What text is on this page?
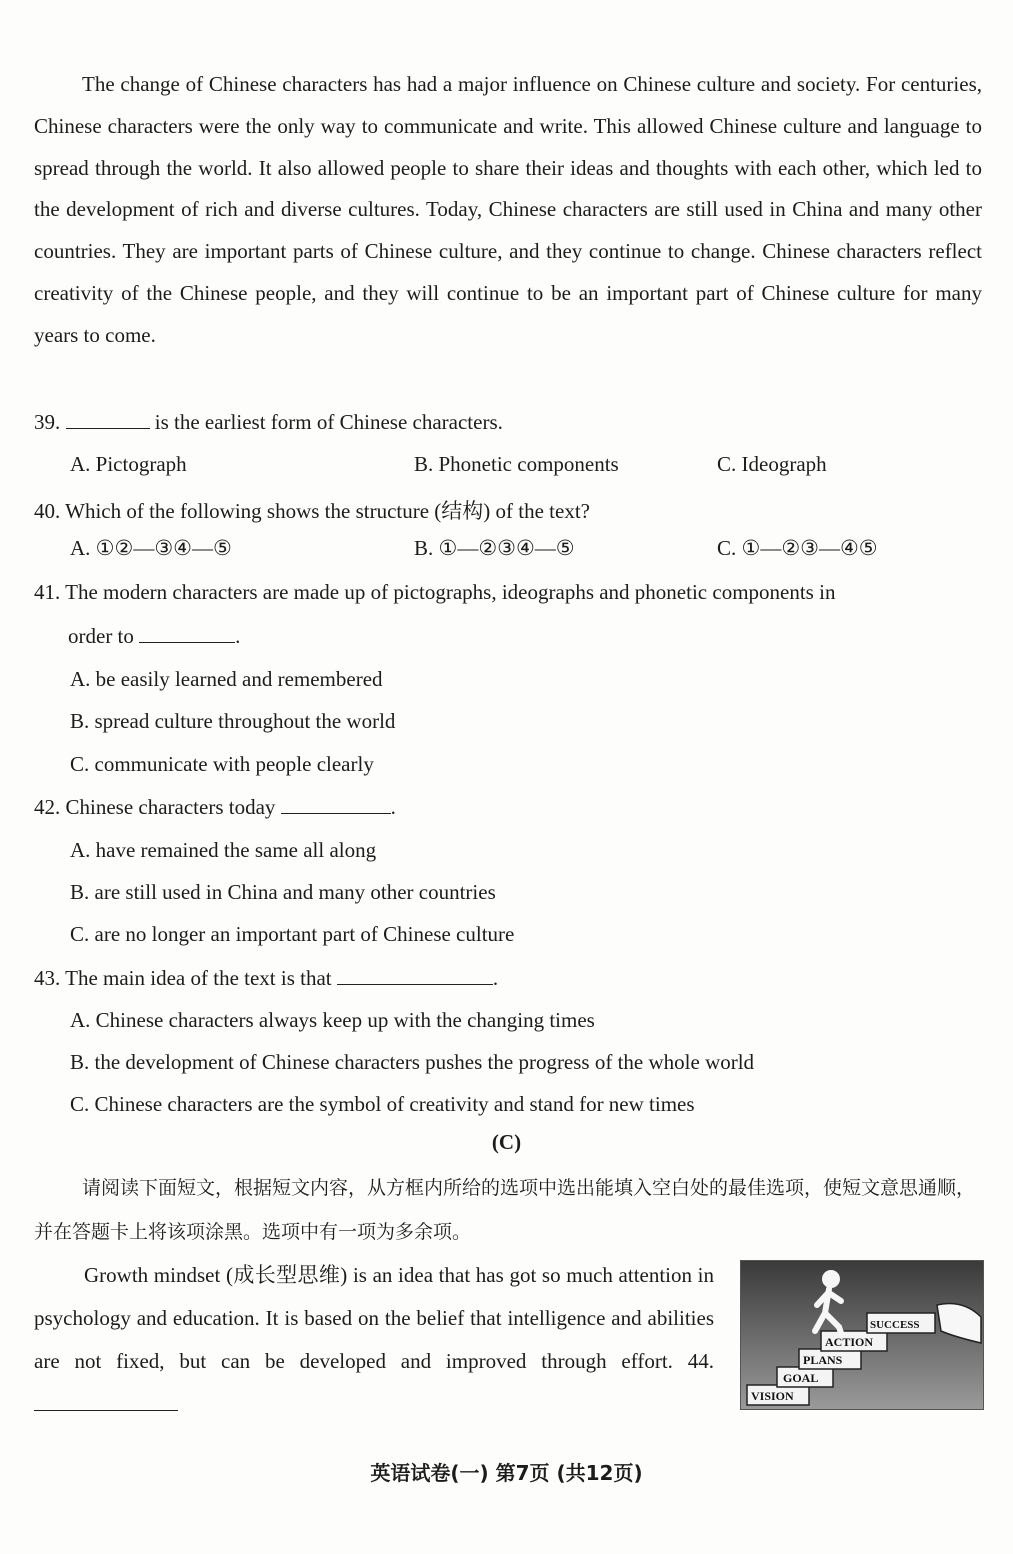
The change of Chinese characters has had a major influence on Chinese culture and society. For centuries, Chinese characters were the only way to communicate and write. This allowed Chinese culture and language to spread through the world. It also allowed people to share their ideas and thoughts with each other, which led to the development of rich and diverse cultures. Today, Chinese characters are still used in China and many other countries. They are important parts of Chinese culture, and they continue to change. Chinese characters reflect creativity of the Chinese people, and they will continue to be an important part of Chinese culture for many years to come.

39.	is the earliest form of Chinese characters.
A. Pictograph	B. Phonetic components	C. Ideograph
40. Which of the following shows the structure (结构) of the text?
A. ①②—③④—⑤	B. ①—②③④—⑤	C. ①—②③—④⑤
41. The modern characters are made up of pictographs, ideographs and phonetic components in
order to	.
A. be easily learned and remembered
B. spread culture throughout the world
C. communicate with people clearly
42. Chinese characters today	.
A. have remained the same all along
B. are still used in China and many other countries
C. are no longer an important part of Chinese culture
43. The main idea of the text is that	.
A. Chinese characters always keep up with the changing times
B. the development of Chinese characters pushes the progress of the whole world
C. Chinese characters are the symbol of creativity and stand for new times
(C)

请阅读下面短文，根据短文内容，从方框内所给的选项中选出能填入空白处的最佳选项，使短文意思通顺，并在答题卡上将该项涂黑。选项中有一项为多余项。

Growth mindset (成长型思维) is an idea that has got so much attention in psychology and education. It is based on the belief that intelligence and abilities are not fixed, but can be developed and improved through effort. 44.

VISION
GOAL
PLANS
ACTION
SUCCESS
英语试卷(一) 第7页 (共12页)
